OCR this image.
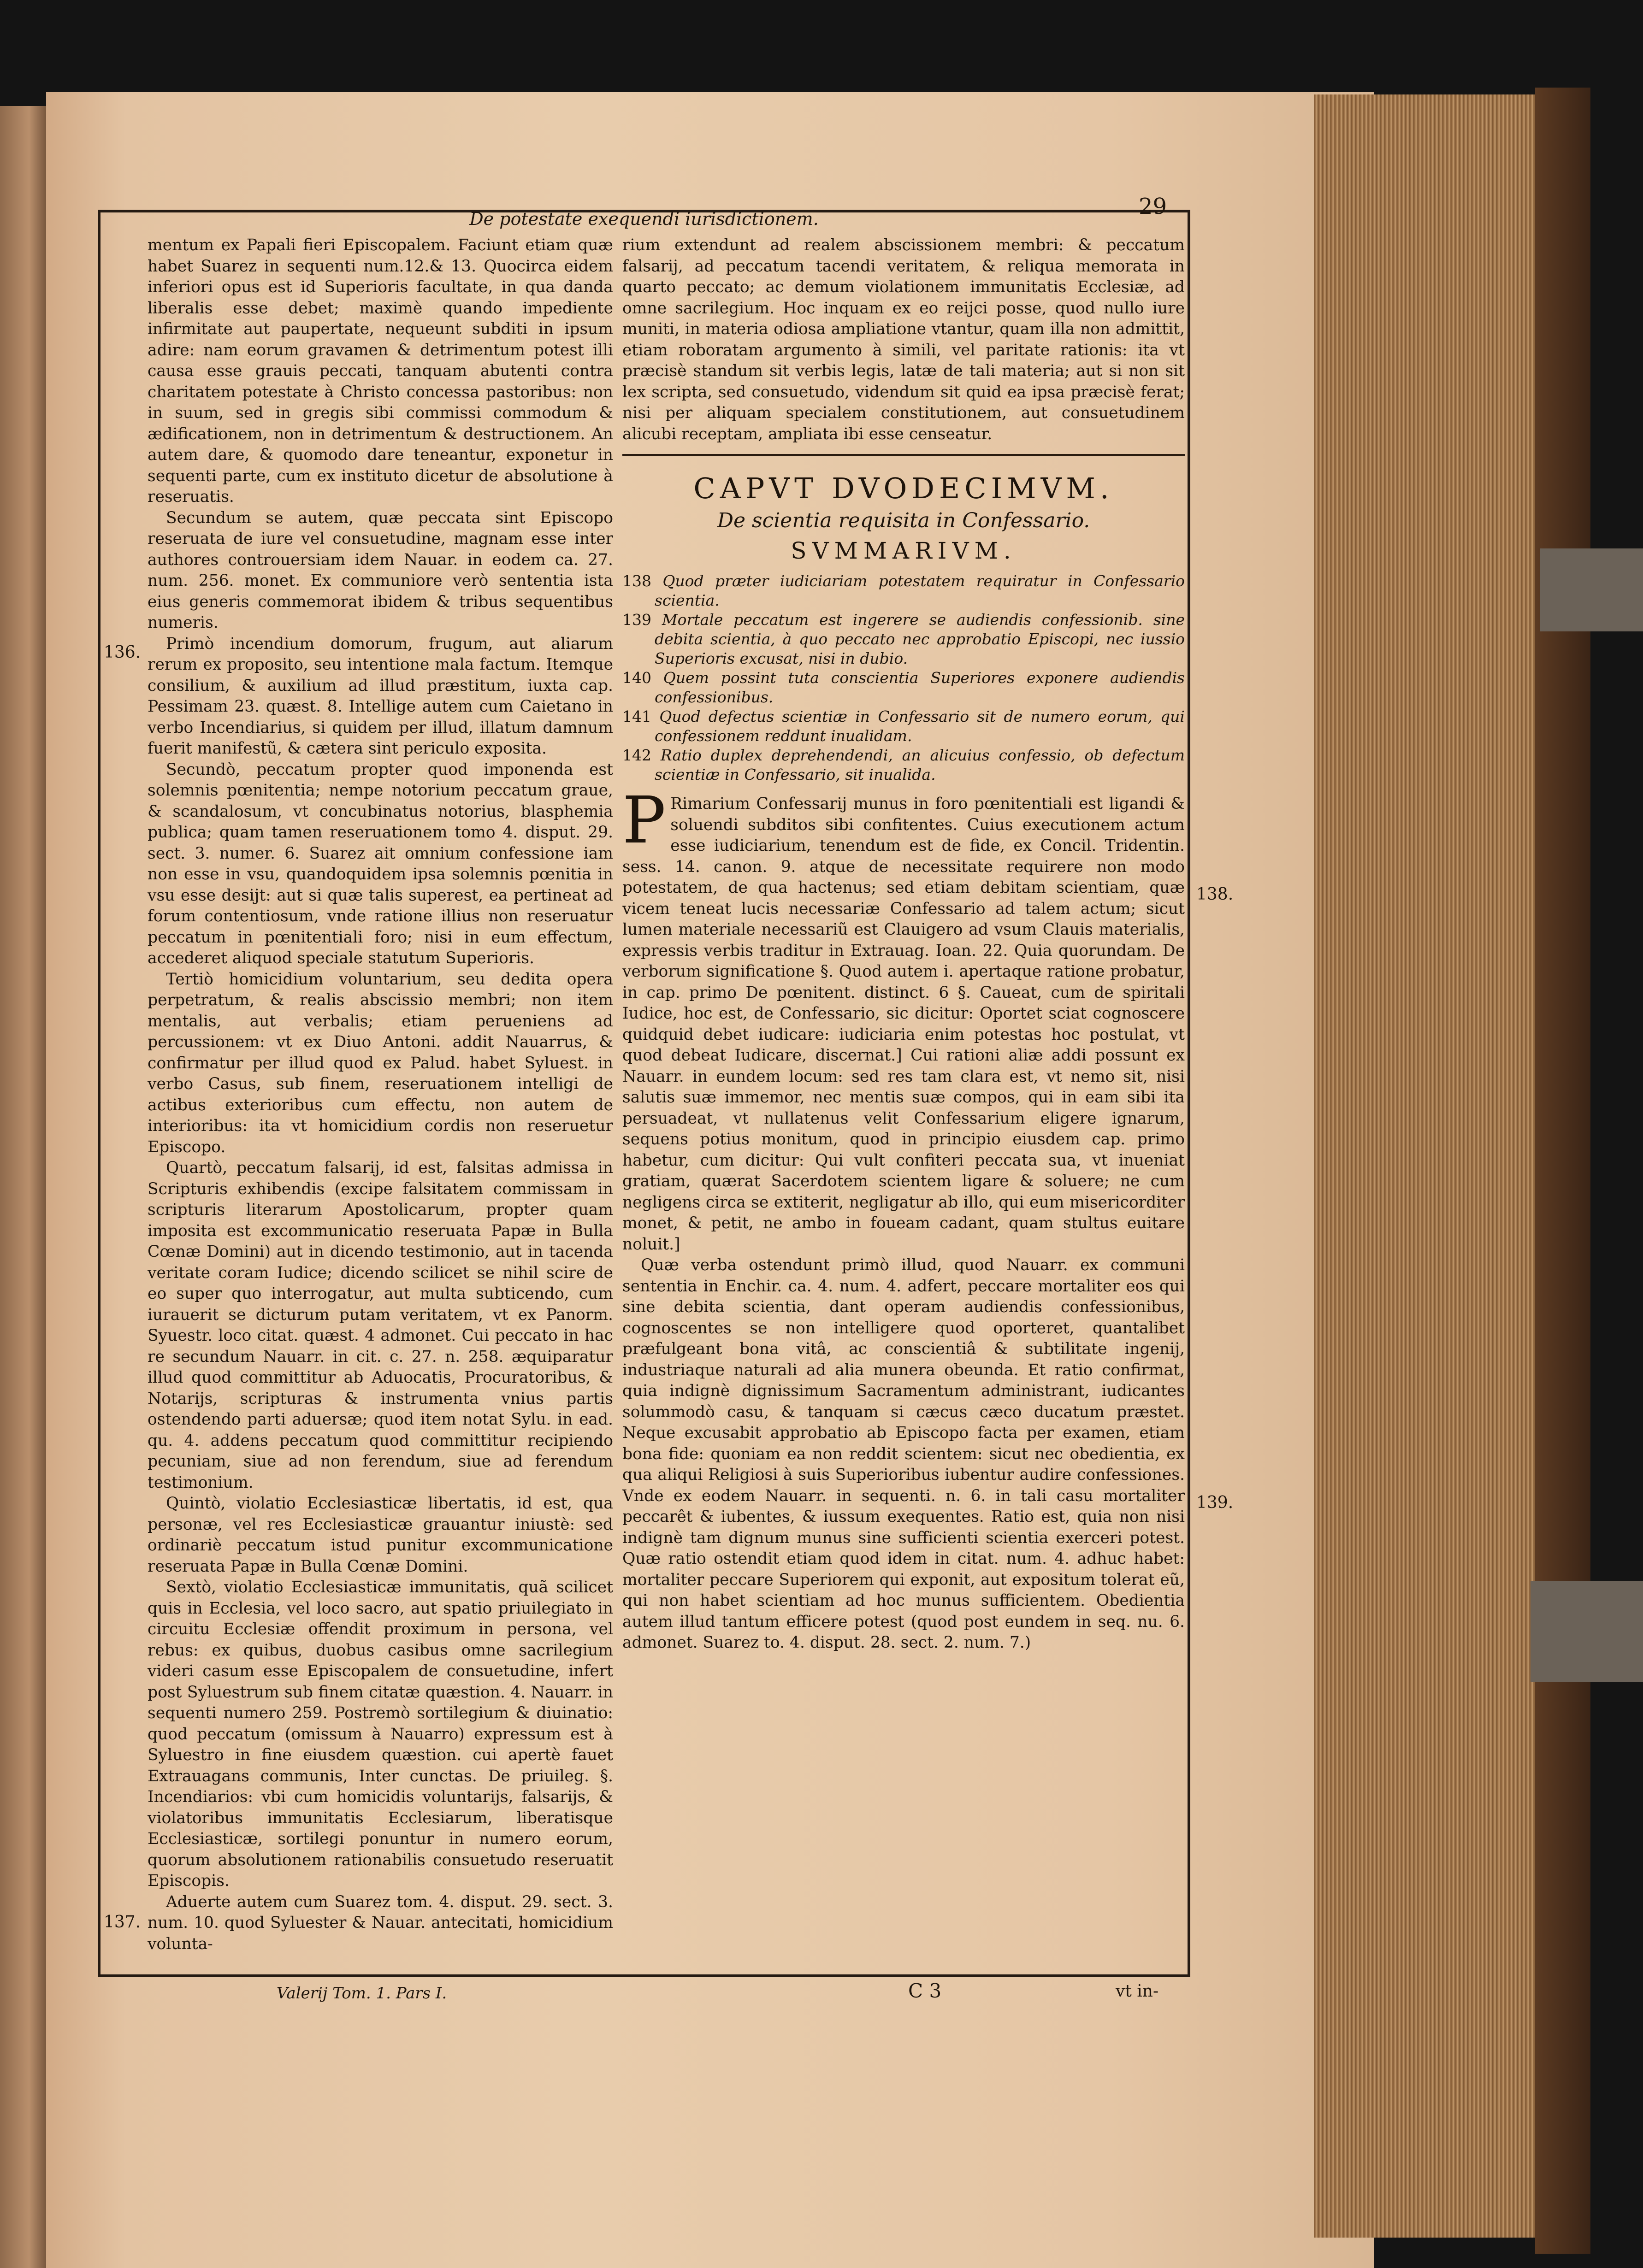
De potestate exequendi iurisdictionem.	29
136.
137.
138.
139.

mentum ex Papali fieri Episcopalem. Faciunt etiam quæ habet Suarez in sequenti num.12.& 13. Quocirca eidem inferiori opus est id Superioris facultate, in qua danda liberalis esse debet; maximè quando impediente infirmitate aut paupertate, nequeunt subditi in ipsum adire: nam eorum gravamen & detrimentum potest illi causa esse grauis peccati, tanquam abutenti contra charitatem potestate à Christo concessa pastoribus: non in suum, sed in gregis sibi commissi commodum & ædificationem, non in detrimentum & destructionem. An autem dare, & quomodo dare teneantur, exponetur in sequenti parte, cum ex instituto dicetur de absolutione à reseruatis.

Secundum se autem, quæ peccata sint Episcopo reseruata de iure vel consuetudine, magnam esse inter authores controuersiam idem Nauar. in eodem ca. 27. num. 256. monet. Ex communiore verò sententia ista eius generis commemorat ibidem & tribus sequentibus numeris.

Primò incendium domorum, frugum, aut aliarum rerum ex proposito, seu intentione mala factum. Itemque consilium, & auxilium ad illud præstitum, iuxta cap. Pessimam 23. quæst. 8. Intellige autem cum Caietano in verbo Incendiarius, si quidem per illud, illatum damnum fuerit manifestũ, & cætera sint periculo exposita.

Secundò, peccatum propter quod imponenda est solemnis pœnitentia; nempe notorium peccatum graue, & scandalosum, vt concubinatus notorius, blasphemia publica; quam tamen reseruationem tomo 4. disput. 29. sect. 3. numer. 6. Suarez ait omnium confessione iam non esse in vsu, quandoquidem ipsa solemnis pœnitia in vsu esse desijt: aut si quæ talis superest, ea pertineat ad forum contentiosum, vnde ratione illius non reseruatur peccatum in pœnitentiali foro; nisi in eum effectum, accederet aliquod speciale statutum Superioris.

Tertiò homicidium voluntarium, seu dedita opera perpetratum, & realis abscissio membri; non item mentalis, aut verbalis; etiam perueniens ad percussionem: vt ex Diuo Antoni. addit Nauarrus, & confirmatur per illud quod ex Palud. habet Syluest. in verbo Casus, sub finem, reseruationem intelligi de actibus exterioribus cum effectu, non autem de interioribus: ita vt homicidium cordis non reseruetur Episcopo.

Quartò, peccatum falsarij, id est, falsitas admissa in Scripturis exhibendis (excipe falsitatem commissam in scripturis literarum Apostolicarum, propter quam imposita est excommunicatio reseruata Papæ in Bulla Cœnæ Domini) aut in dicendo testimonio, aut in tacenda veritate coram Iudice; dicendo scilicet se nihil scire de eo super quo interrogatur, aut multa subticendo, cum iurauerit se dicturum putam veritatem, vt ex Panorm. Syuestr. loco citat. quæst. 4 admonet. Cui peccato in hac re secundum Nauarr. in cit. c. 27. n. 258. æquiparatur illud quod committitur ab Aduocatis, Procuratoribus, & Notarijs, scripturas & instrumenta vnius partis ostendendo parti aduersæ; quod item notat Sylu. in ead. qu. 4. addens peccatum quod committitur recipiendo pecuniam, siue ad non ferendum, siue ad ferendum testimonium.

Quintò, violatio Ecclesiasticæ libertatis, id est, qua personæ, vel res Ecclesiasticæ grauantur iniustè: sed ordinariè peccatum istud punitur excommunicatione reseruata Papæ in Bulla Cœnæ Domini.

Sextò, violatio Ecclesiasticæ immunitatis, quã scilicet quis in Ecclesia, vel loco sacro, aut spatio priuilegiato in circuitu Ecclesiæ offendit proximum in persona, vel rebus: ex quibus, duobus casibus omne sacrilegium videri casum esse Episcopalem de consuetudine, infert post Syluestrum sub finem citatæ quæstion. 4. Nauarr. in sequenti numero 259. Postremò sortilegium & diuinatio: quod peccatum (omissum à Nauarro) expressum est à Syluestro in fine eiusdem quæstion. cui apertè fauet Extrauagans communis, Inter cunctas. De priuileg. §. Incendiarios: vbi cum homicidis voluntarijs, falsarijs, & violatoribus immunitatis Ecclesiarum, liberatisque Ecclesiasticæ, sortilegi ponuntur in numero eorum, quorum absolutionem rationabilis consuetudo reseruatit Episcopis.

Aduerte autem cum Suarez tom. 4. disput. 29. sect. 3. num. 10. quod Syluester & Nauar. antecitati, homicidium volunta-

rium extendunt ad realem abscissionem membri: & peccatum falsarij, ad peccatum tacendi veritatem, & reliqua memorata in quarto peccato; ac demum violationem immunitatis Ecclesiæ, ad omne sacrilegium. Hoc inquam ex eo reijci posse, quod nullo iure muniti, in materia odiosa ampliatione vtantur, quam illa non admittit, etiam roboratam argumento à simili, vel paritate rationis: ita vt præcisè standum sit verbis legis, latæ de tali materia; aut si non sit lex scripta, sed consuetudo, videndum sit quid ea ipsa præcisè ferat; nisi per aliquam specialem constitutionem, aut consuetudinem alicubi receptam, ampliata ibi esse censeatur.

CAPVT DVODECIMVM.
De scientia requisita in Confessario.
SVMMARIVM.
138 Quod præter iudiciariam potestatem requiratur in Confessario scientia.
139 Mortale peccatum est ingerere se audiendis confessionib. sine debita scientia, à quo peccato nec approbatio Episcopi, nec iussio Superioris excusat, nisi in dubio.
140 Quem possint tuta conscientia Superiores exponere audiendis confessionibus.
141 Quod defectus scientiæ in Confessario sit de numero eorum, qui confessionem reddunt inualidam.
142 Ratio duplex deprehendendi, an alicuius confessio, ob defectum scientiæ in Confessario, sit inualida.

P Rimarium Confessarij munus in foro pœnitentiali est ligandi & soluendi subditos sibi confitentes. Cuius executionem actum esse iudiciarium, tenendum est de fide, ex Concil. Tridentin. sess. 14. canon. 9. atque de necessitate requirere non modo potestatem, de qua hactenus; sed etiam debitam scientiam, quæ vicem teneat lucis necessariæ Confessario ad talem actum; sicut lumen materiale necessariũ est Clauigero ad vsum Clauis materialis, expressis verbis traditur in Extrauag. Ioan. 22. Quia quorundam. De verborum significatione §. Quod autem i. apertaque ratione probatur, in cap. primo De pœnitent. distinct. 6 §. Caueat, cum de spiritali Iudice, hoc est, de Confessario, sic dicitur: Oportet sciat cognoscere quidquid debet iudicare: iudiciaria enim potestas hoc postulat, vt quod debeat Iudicare, discernat.] Cui rationi aliæ addi possunt ex Nauarr. in eundem locum: sed res tam clara est, vt nemo sit, nisi salutis suæ immemor, nec mentis suæ compos, qui in eam sibi ita persuadeat, vt nullatenus velit Confessarium eligere ignarum, sequens potius monitum, quod in principio eiusdem cap. primo habetur, cum dicitur: Qui vult confiteri peccata sua, vt inueniat gratiam, quærat Sacerdotem scientem ligare & soluere; ne cum negligens circa se extiterit, negligatur ab illo, qui eum misericorditer monet, & petit, ne ambo in foueam cadant, quam stultus euitare noluit.]

Quæ verba ostendunt primò illud, quod Nauarr. ex communi sententia in Enchir. ca. 4. num. 4. adfert, peccare mortaliter eos qui sine debita scientia, dant operam audiendis confessionibus, cognoscentes se non intelligere quod oporteret, quantalibet præfulgeant bona vitâ, ac conscientiâ & subtilitate ingenij, industriaque naturali ad alia munera obeunda. Et ratio confirmat, quia indignè dignissimum Sacramentum administrant, iudicantes solummodò casu, & tanquam si cæcus cæco ducatum præstet. Neque excusabit approbatio ab Episcopo facta per examen, etiam bona fide: quoniam ea non reddit scientem: sicut nec obedientia, ex qua aliqui Religiosi à suis Superioribus iubentur audire confessiones. Vnde ex eodem Nauarr. in sequenti. n. 6. in tali casu mortaliter peccarêt & iubentes, & iussum exequentes. Ratio est, quia non nisi indignè tam dignum munus sine sufficienti scientia exerceri potest. Quæ ratio ostendit etiam quod idem in citat. num. 4. adhuc habet: mortaliter peccare Superiorem qui exponit, aut expositum tolerat eũ, qui non habet scientiam ad hoc munus sufficientem. Obedientia autem illud tantum efficere potest (quod post eundem in seq. nu. 6. admonet. Suarez to. 4. disput. 28. sect. 2. num. 7.)

Valerij Tom. 1. Pars I.	C 3	vt in-
